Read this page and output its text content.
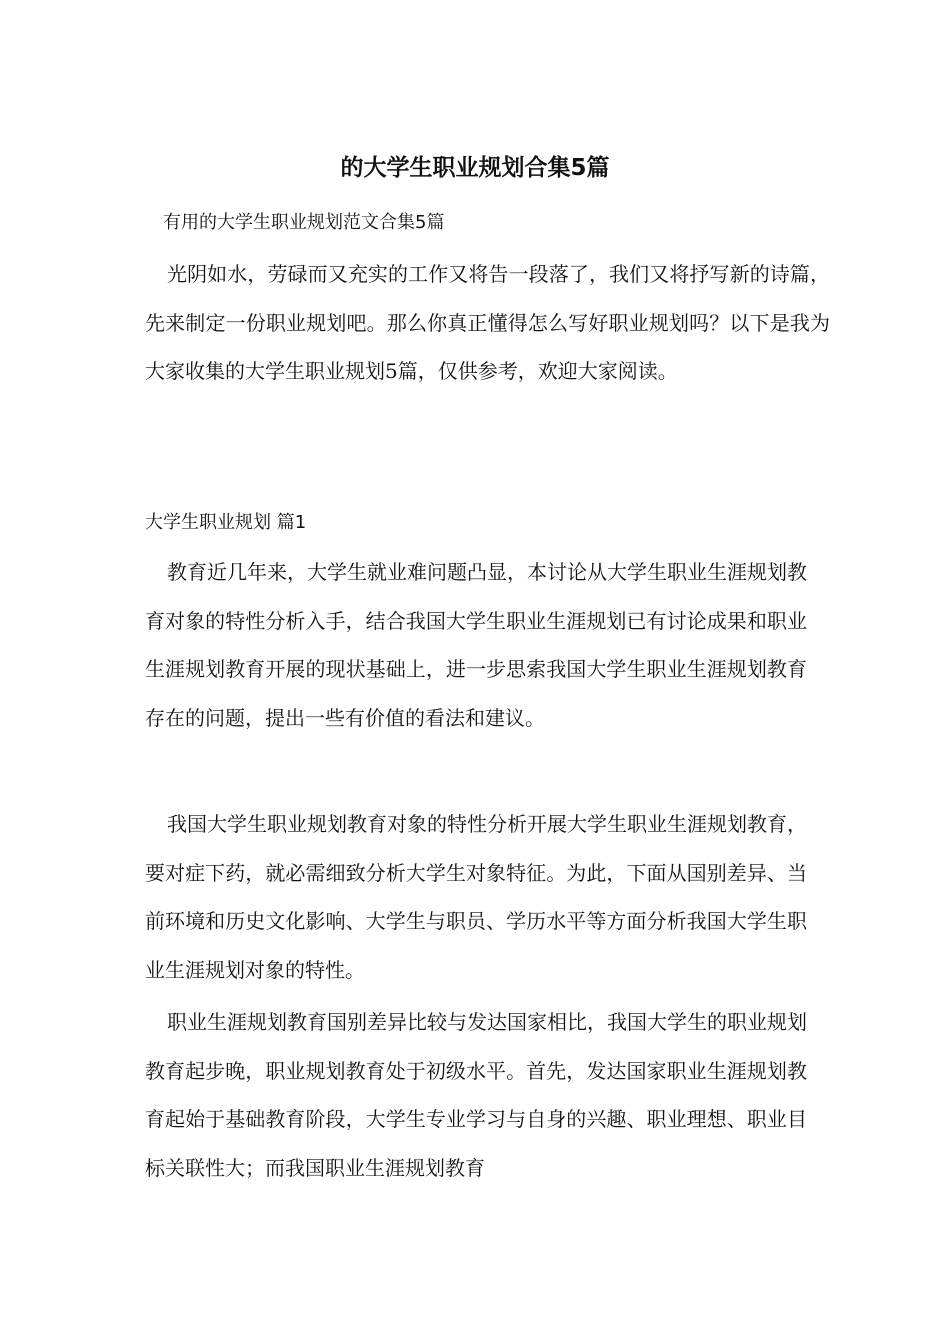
的大学生职业规划合集5篇

有用的大学生职业规划范文合集5篇

光阴如水，劳碌而又充实的工作又将告一段落了，我们又将抒写新的诗篇，先来制定一份职业规划吧。那么你真正懂得怎么写好职业规划吗？以下是我为大家收集的大学生职业规划5篇，仅供参考，欢迎大家阅读。

大学生职业规划 篇1

教育近几年来，大学生就业难问题凸显，本讨论从大学生职业生涯规划教育对象的特性分析入手，结合我国大学生职业生涯规划已有讨论成果和职业生涯规划教育开展的现状基础上，进一步思索我国大学生职业生涯规划教育存在的问题，提出一些有价值的看法和建议。

我国大学生职业规划教育对象的特性分析开展大学生职业生涯规划教育，要对症下药，就必需细致分析大学生对象特征。为此，下面从国别差异、当前环境和历史文化影响、大学生与职员、学历水平等方面分析我国大学生职业生涯规划对象的特性。

职业生涯规划教育国别差异比较与发达国家相比，我国大学生的职业规划教育起步晚，职业规划教育处于初级水平。首先，发达国家职业生涯规划教育起始于基础教育阶段，大学生专业学习与自身的兴趣、职业理想、职业目标关联性大；而我国职业生涯规划教育
